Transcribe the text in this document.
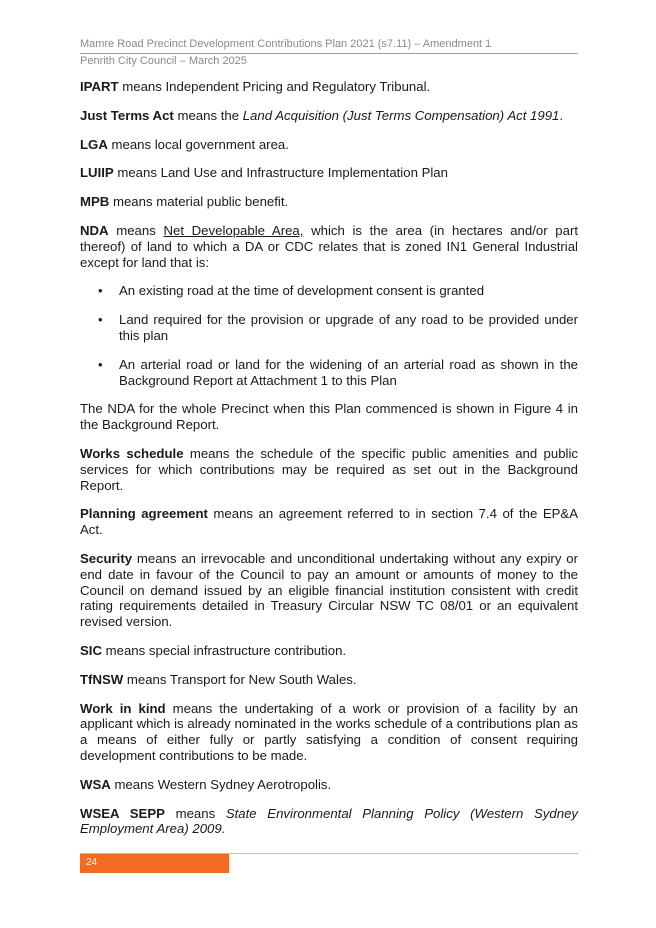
Mamre Road Precinct Development Contributions Plan 2021 (s7.11) – Amendment 1
Penrith City Council – March 2025

IPART means Independent Pricing and Regulatory Tribunal.

Just Terms Act means the Land Acquisition (Just Terms Compensation) Act 1991.

LGA means local government area.

LUIIP means Land Use and Infrastructure Implementation Plan

MPB means material public benefit.

NDA means Net Developable Area, which is the area (in hectares and/or part thereof) of land to which a DA or CDC relates that is zoned IN1 General Industrial except for land that is:

• An existing road at the time of development consent is granted
• Land required for the provision or upgrade of any road to be provided under this plan
• An arterial road or land for the widening of an arterial road as shown in the Background Report at Attachment 1 to this Plan

The NDA for the whole Precinct when this Plan commenced is shown in Figure 4 in the Background Report.

Works schedule means the schedule of the specific public amenities and public services for which contributions may be required as set out in the Background Report.

Planning agreement means an agreement referred to in section 7.4 of the EP&A Act.

Security means an irrevocable and unconditional undertaking without any expiry or end date in favour of the Council to pay an amount or amounts of money to the Council on demand issued by an eligible financial institution consistent with credit rating requirements detailed in Treasury Circular NSW TC 08/01 or an equivalent revised version.

SIC means special infrastructure contribution.

TfNSW means Transport for New South Wales.

Work in kind means the undertaking of a work or provision of a facility by an applicant which is already nominated in the works schedule of a contributions plan as a means of either fully or partly satisfying a condition of consent requiring development contributions to be made.

WSA means Western Sydney Aerotropolis.

WSEA SEPP means State Environmental Planning Policy (Western Sydney Employment Area) 2009.

24
